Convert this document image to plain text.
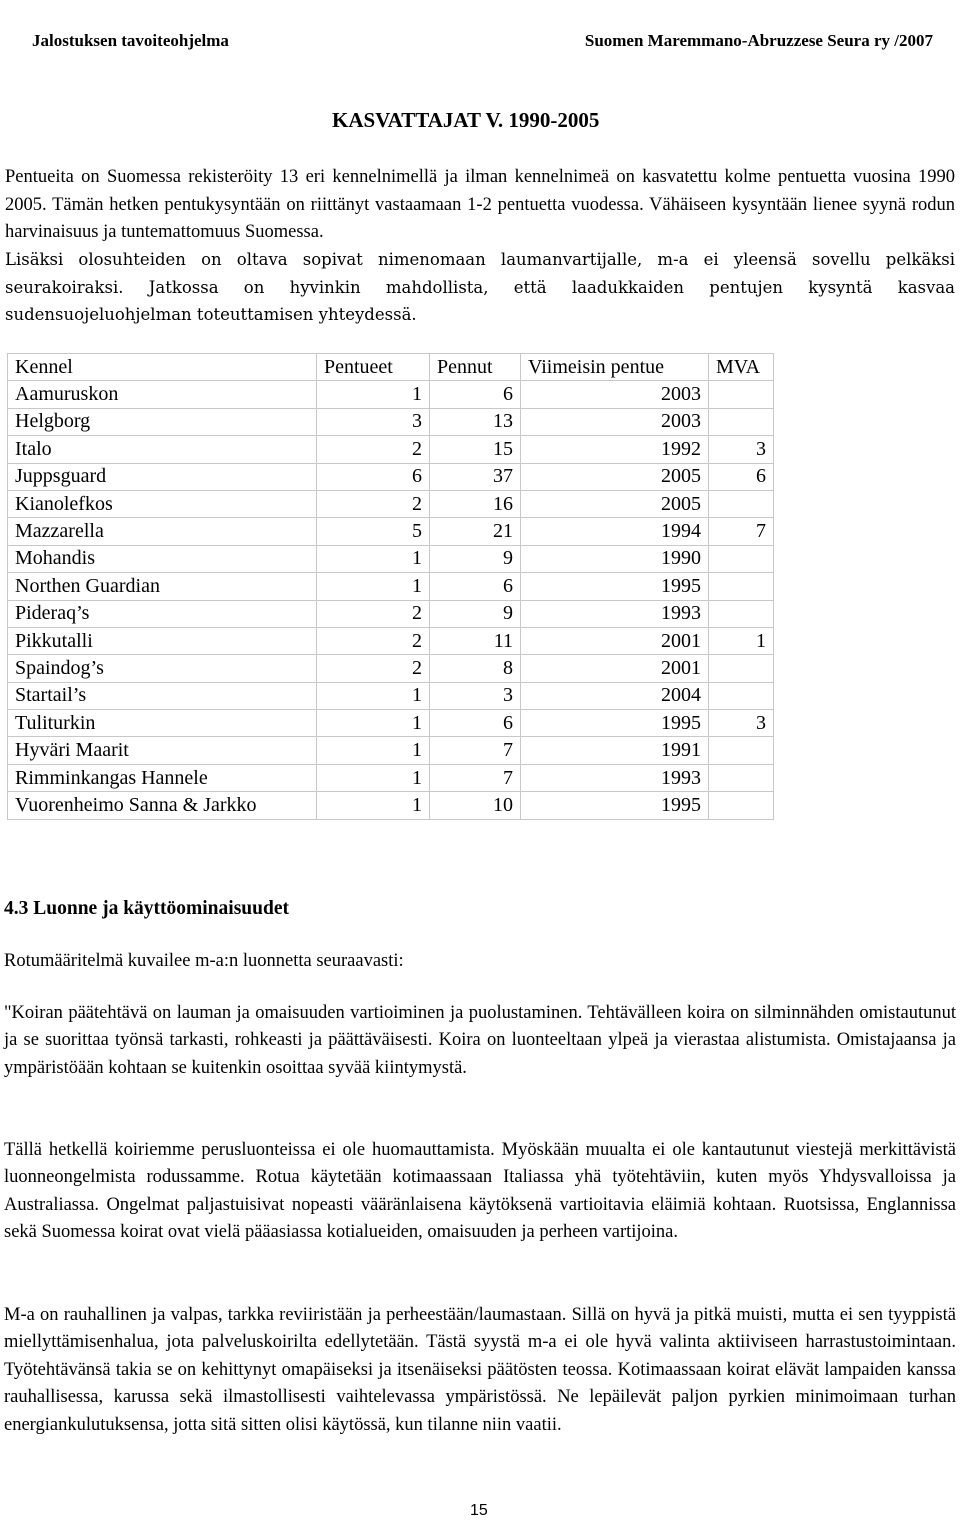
Jalostuksen tavoiteohjelma	Suomen Maremmano-Abruzzese Seura ry /2007
KASVATTAJAT V. 1990-2005
Pentueita on Suomessa rekisteröity 13 eri kennelnimellä ja ilman kennelnimeä on kasvatettu kolme pentuetta vuosina 1990 2005. Tämän hetken pentukysyntään on riittänyt vastaamaan 1-2 pentuetta vuodessa. Vähäiseen kysyntään lienee syynä rodun harvinaisuus ja tuntemattomuus Suomessa.
Lisäksi olosuhteiden on oltava sopivat nimenomaan laumanvartijalle, m-a ei yleensä sovellu pelkäksi seurakoiraksi. Jatkossa on hyvinkin mahdollista, että laadukkaiden pentujen kysyntä kasvaa sudensuojeluohjelman toteuttamisen yhteydessä.
Kennel	Pentueet	Pennut	Viimeisin pentue	MVA
Aamuruskon	1	6	2003	
Helgborg	3	13	2003	
Italo	2	15	1992	3
Juppsguard	6	37	2005	6
Kianolefkos	2	16	2005	
Mazzarella	5	21	1994	7
Mohandis	1	9	1990	
Northen Guardian	1	6	1995	
Pideraq’s	2	9	1993	
Pikkutalli	2	11	2001	1
Spaindog’s	2	8	2001	
Startail’s	1	3	2004	
Tuliturkin	1	6	1995	3
Hyväri Maarit	1	7	1991	
Rimminkangas Hannele	1	7	1993	
Vuorenheimo Sanna & Jarkko	1	10	1995	
4.3 Luonne ja käyttöominaisuudet
Rotumääritelmä kuvailee m-a:n luonnetta seuraavasti:
"Koiran päätehtävä on lauman ja omaisuuden vartioiminen ja puolustaminen. Tehtävälleen koira on silminnähden omistautunut ja se suorittaa työnsä tarkasti, rohkeasti ja päättäväisesti. Koira on luonteeltaan ylpeä ja vierastaa alistumista. Omistajaansa ja ympäristöään kohtaan se kuitenkin osoittaa syvää kiintymystä.
Tällä hetkellä koiriemme perusluonteissa ei ole huomauttamista. Myöskään muualta ei ole kantautunut viestejä merkittävistä luonneongelmista rodussamme. Rotua käytetään kotimaassaan Italiassa yhä työtehtäviin, kuten myös Yhdysvalloissa ja Australiassa. Ongelmat paljastuisivat nopeasti vääränlaisena käytöksenä vartioitavia eläimiä kohtaan. Ruotsissa, Englannissa sekä Suomessa koirat ovat vielä pääasiassa kotialueiden, omaisuuden ja perheen vartijoina.
M-a on rauhallinen ja valpas, tarkka reviiristään ja perheestään/laumastaan. Sillä on hyvä ja pitkä muisti, mutta ei sen tyyppistä miellyttämisenhalua, jota palveluskoirilta edellytetään. Tästä syystä m-a ei ole hyvä valinta aktiiviseen harrastustoimintaan. Työtehtävänsä takia se on kehittynyt omapäiseksi ja itsenäiseksi päätösten teossa. Kotimaassaan koirat elävät lampaiden kanssa rauhallisessa, karussa sekä ilmastollisesti vaihtelevassa ympäristössä. Ne lepäilevät paljon pyrkien minimoimaan turhan energiankulutuksensa, jotta sitä sitten olisi käytössä, kun tilanne niin vaatii.
15
